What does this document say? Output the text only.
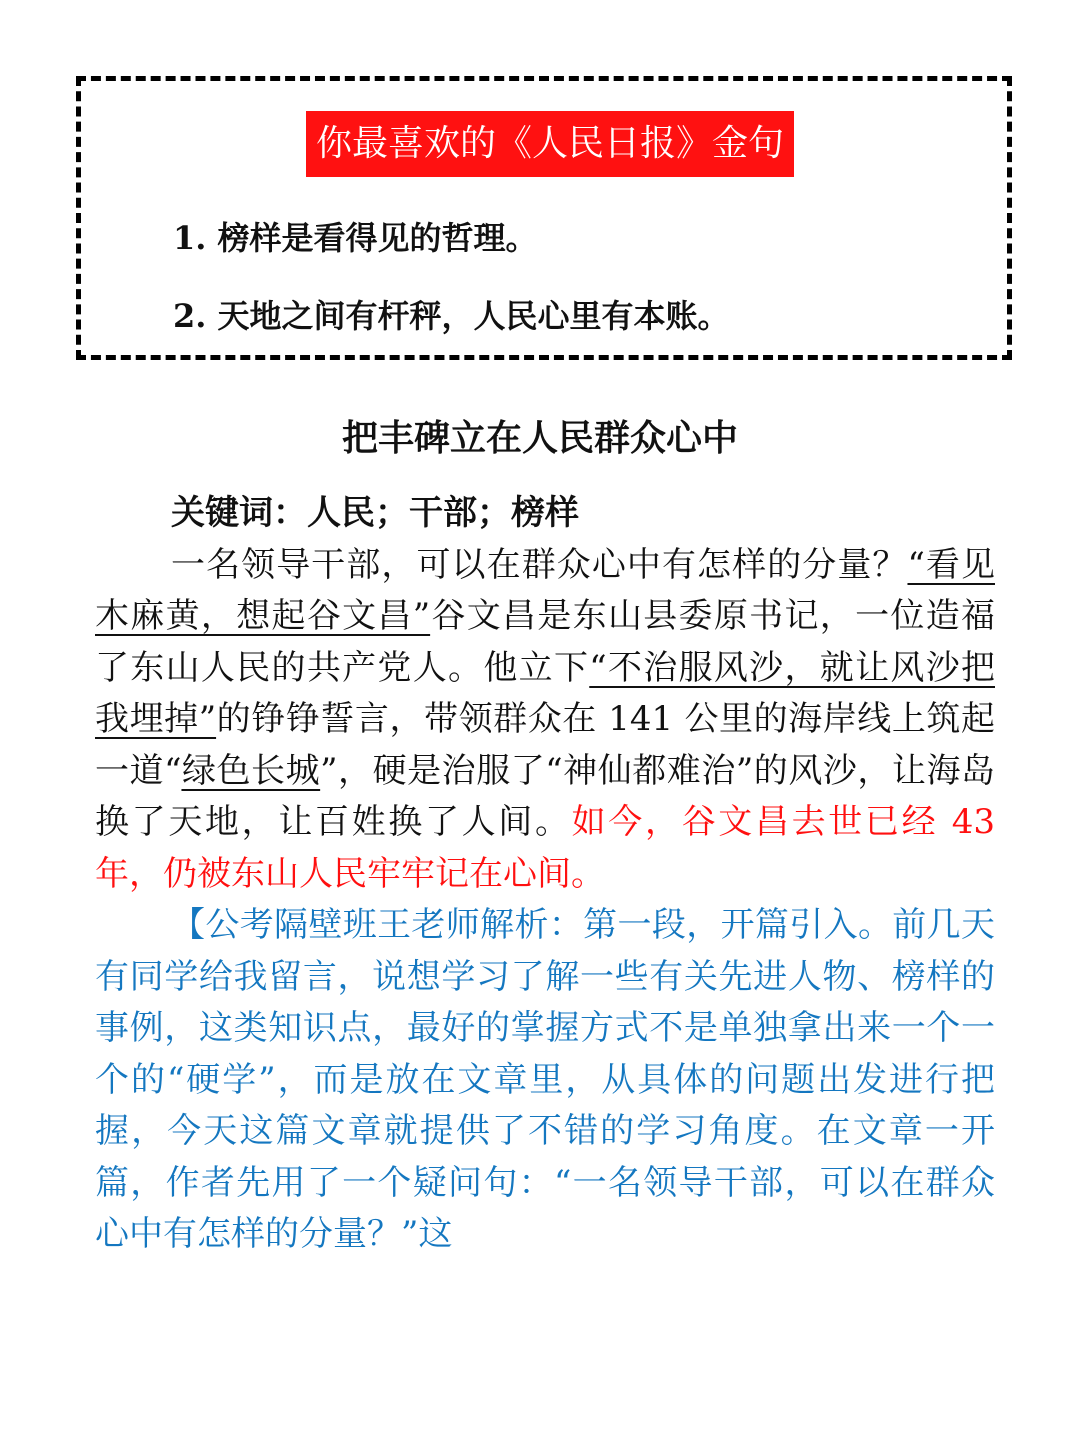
你最喜欢的《人民日报》金句
1. 榜样是看得见的哲理。
2. 天地之间有杆秤，人民心里有本账。
把丰碑立在人民群众心中
关键词：人民；干部；榜样

一名领导干部，可以在群众心中有怎样的分量？“看见木麻黄，想起谷文昌”谷文昌是东山县委原书记，一位造福了东山人民的共产党人。他立下“不治服风沙，就让风沙把我埋掉”的铮铮誓言，带领群众在 141 公里的海岸线上筑起一道“绿色长城”，硬是治服了“神仙都难治”的风沙，让海岛换了天地，让百姓换了人间。如今，谷文昌去世已经 43 年，仍被东山人民牢牢记在心间。

【公考隔壁班王老师解析：第一段，开篇引入。前几天有同学给我留言，说想学习了解一些有关先进人物、榜样的事例，这类知识点，最好的掌握方式不是单独拿出来一个一个的“硬学”，而是放在文章里，从具体的问题出发进行把握，今天这篇文章就提供了不错的学习角度。在文章一开篇，作者先用了一个疑问句：“一名领导干部，可以在群众心中有怎样的分量？”这
